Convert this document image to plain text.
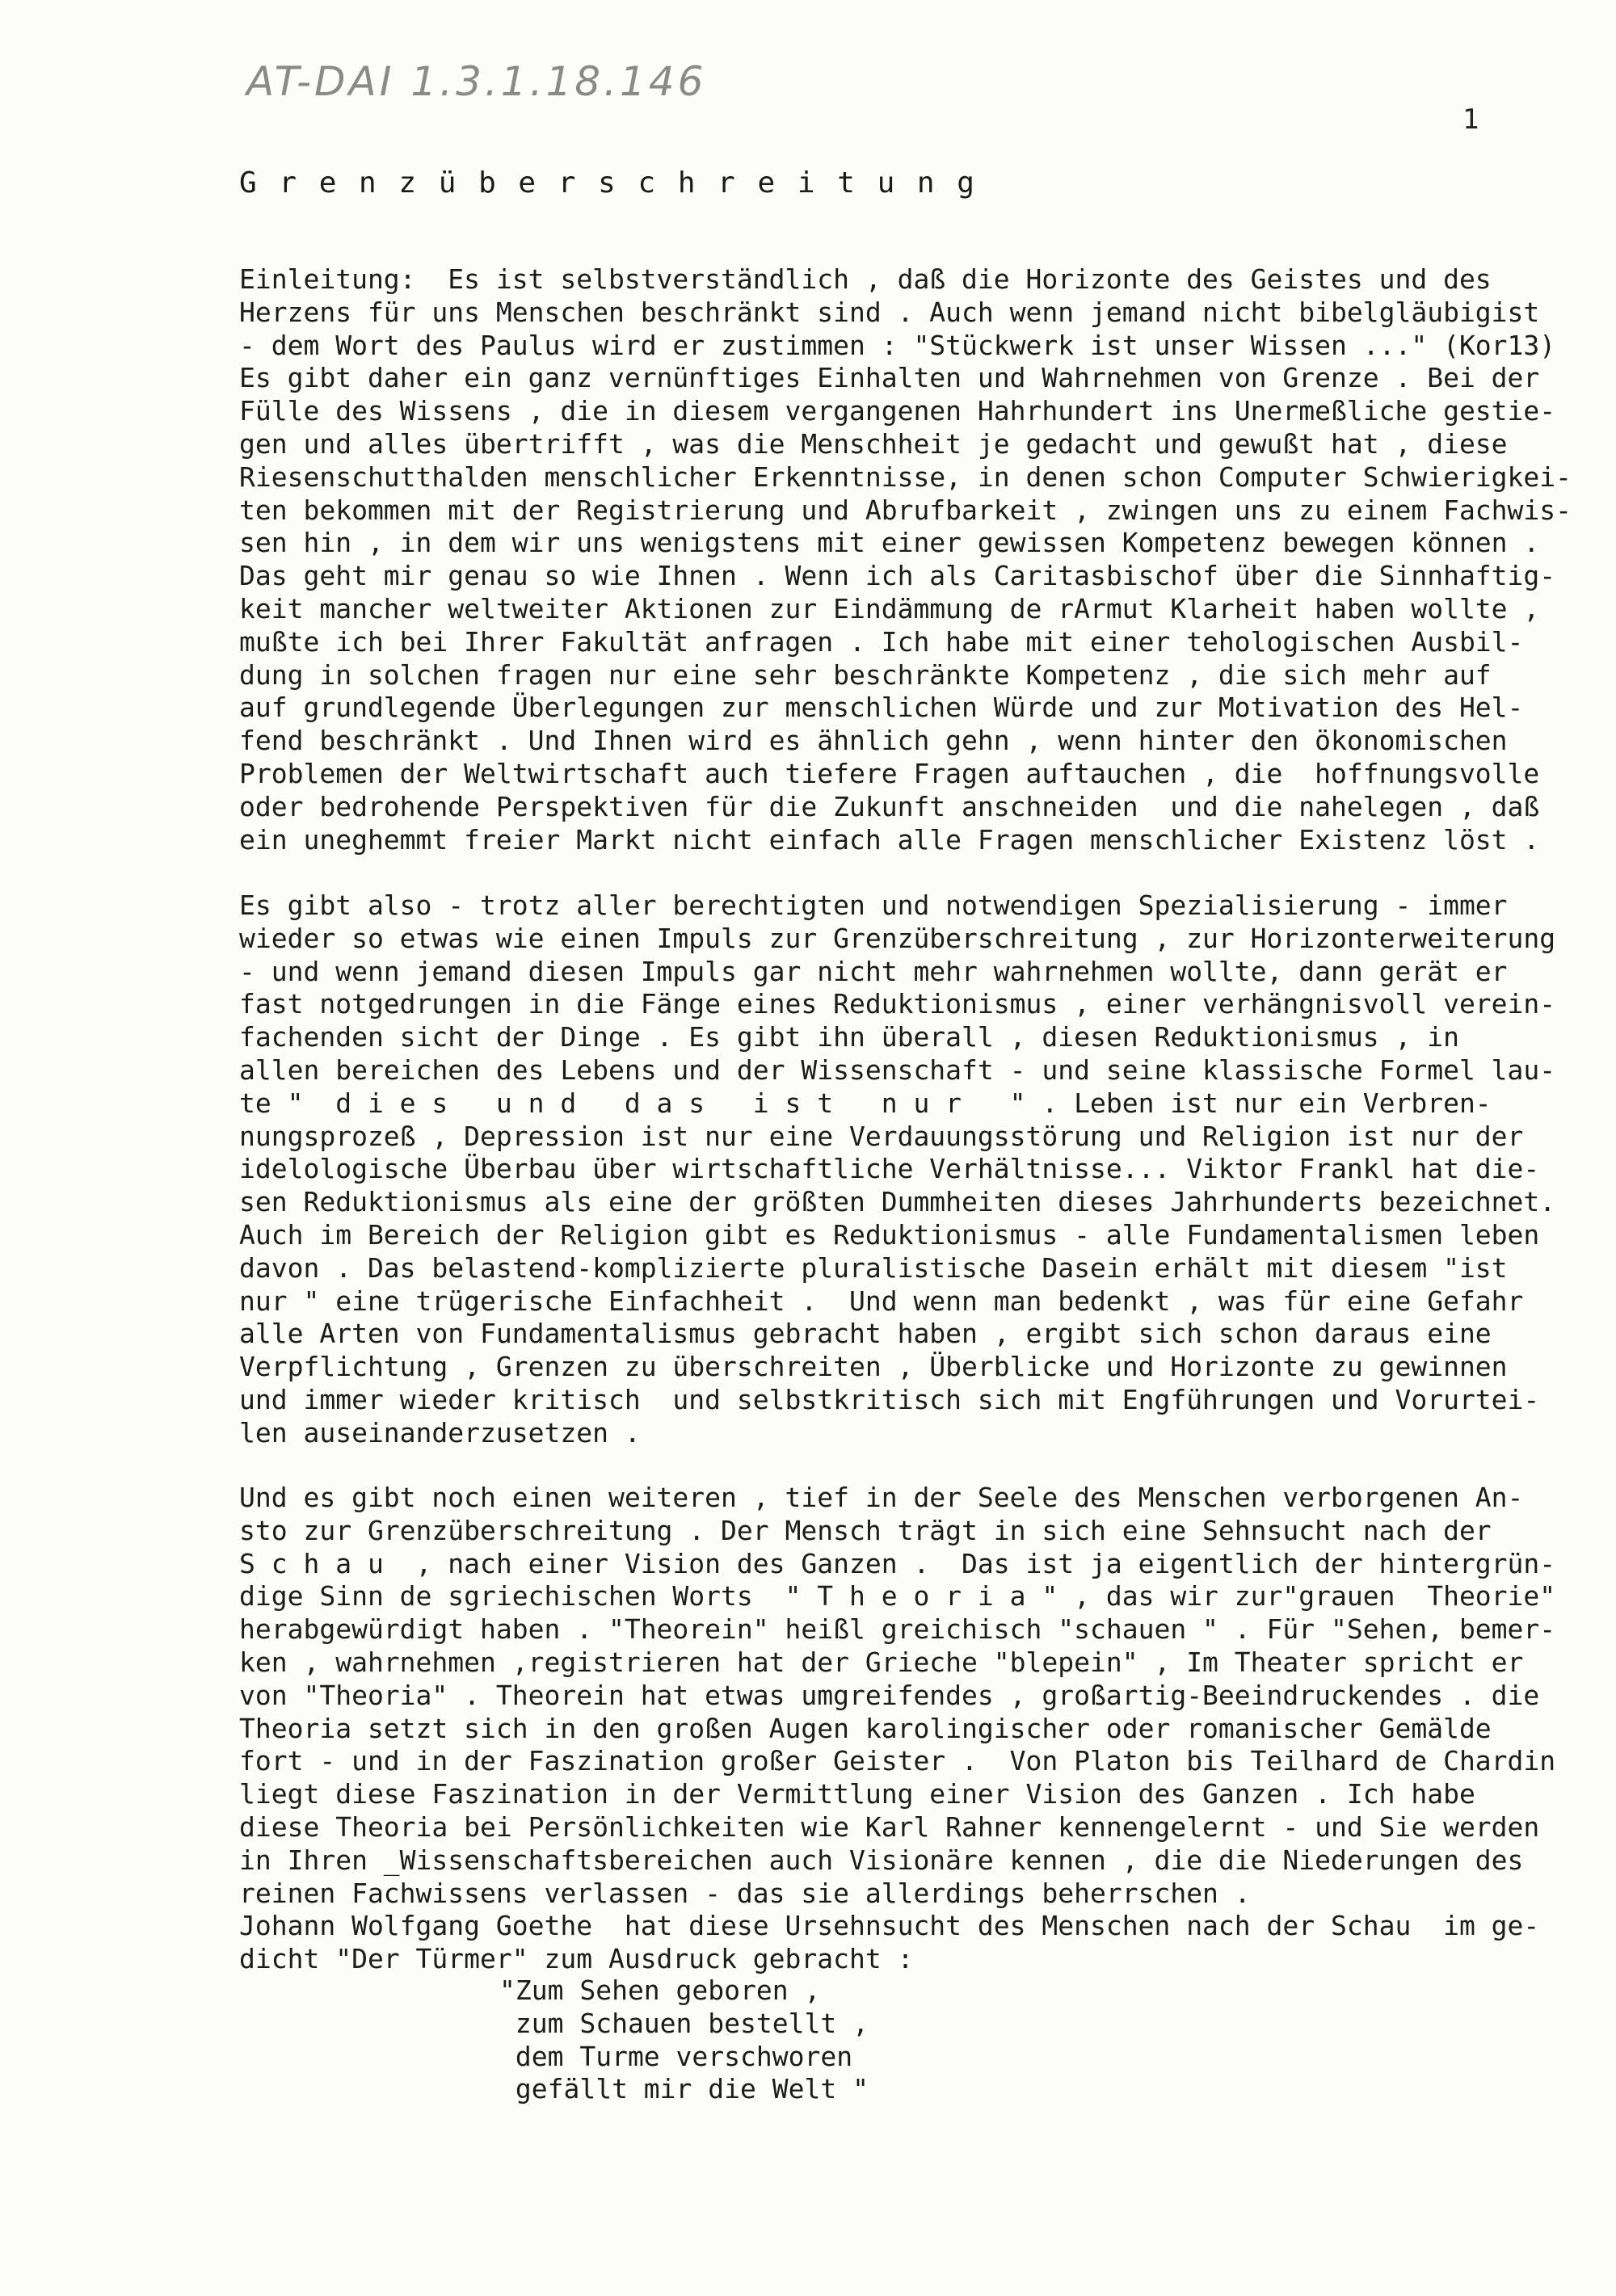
AT-DAI 1.3.1.18.146
1
G r e n z ü b e r s c h r e i t u n g
Einleitung:  Es ist selbstverständlich , daß die Horizonte des Geistes und des
Herzens für uns Menschen beschränkt sind . Auch wenn jemand nicht bibelgläubigist
- dem Wort des Paulus wird er zustimmen : "Stückwerk ist unser Wissen ..." (Kor13)
Es gibt daher ein ganz vernünftiges Einhalten und Wahrnehmen von Grenze . Bei der
Fülle des Wissens , die in diesem vergangenen Hahrhundert ins Unermeßliche gestie-
gen und alles übertrifft , was die Menschheit je gedacht und gewußt hat , diese
Riesenschutthalden menschlicher Erkenntnisse, in denen schon Computer Schwierigkei-
ten bekommen mit der Registrierung und Abrufbarkeit , zwingen uns zu einem Fachwis-
sen hin , in dem wir uns wenigstens mit einer gewissen Kompetenz bewegen können .
Das geht mir genau so wie Ihnen . Wenn ich als Caritasbischof über die Sinnhaftig-
keit mancher weltweiter Aktionen zur Eindämmung de rArmut Klarheit haben wollte ,
mußte ich bei Ihrer Fakultät anfragen . Ich habe mit einer tehologischen Ausbil-
dung in solchen fragen nur eine sehr beschränkte Kompetenz , die sich mehr auf
auf grundlegende Überlegungen zur menschlichen Würde und zur Motivation des Hel-
fend beschränkt . Und Ihnen wird es ähnlich gehn , wenn hinter den ökonomischen
Problemen der Weltwirtschaft auch tiefere Fragen auftauchen , die  hoffnungsvolle
oder bedrohende Perspektiven für die Zukunft anschneiden  und die nahelegen , daß
ein uneghemmt freier Markt nicht einfach alle Fragen menschlicher Existenz löst .
Es gibt also - trotz aller berechtigten und notwendigen Spezialisierung - immer
wieder so etwas wie einen Impuls zur Grenzüberschreitung , zur Horizonterweiterung
- und wenn jemand diesen Impuls gar nicht mehr wahrnehmen wollte, dann gerät er
fast notgedrungen in die Fänge eines Reduktionismus , einer verhängnisvoll verein-
fachenden sicht der Dinge . Es gibt ihn überall , diesen Reduktionismus , in
allen bereichen des Lebens und der Wissenschaft - und seine klassische Formel lau-
te "  d i e s   u n d   d a s   i s t   n u r   " . Leben ist nur ein Verbren-
nungsprozeß , Depression ist nur eine Verdauungsstörung und Religion ist nur der
idelologische Überbau über wirtschaftliche Verhältnisse... Viktor Frankl hat die-
sen Reduktionismus als eine der größten Dummheiten dieses Jahrhunderts bezeichnet.
Auch im Bereich der Religion gibt es Reduktionismus - alle Fundamentalismen leben
davon . Das belastend-komplizierte pluralistische Dasein erhält mit diesem "ist
nur " eine trügerische Einfachheit .  Und wenn man bedenkt , was für eine Gefahr
alle Arten von Fundamentalismus gebracht haben , ergibt sich schon daraus eine
Verpflichtung , Grenzen zu überschreiten , Überblicke und Horizonte zu gewinnen
und immer wieder kritisch  und selbstkritisch sich mit Engführungen und Vorurtei-
len auseinanderzusetzen .
Und es gibt noch einen weiteren , tief in der Seele des Menschen verborgenen An-
sto zur Grenzüberschreitung . Der Mensch trägt in sich eine Sehnsucht nach der
S c h a u  , nach einer Vision des Ganzen .  Das ist ja eigentlich der hintergrün-
dige Sinn de sgriechischen Worts  " T h e o r i a " , das wir zur"grauen  Theorie"
herabgewürdigt haben . "Theorein" heißl greichisch "schauen " . Für "Sehen, bemer-
ken , wahrnehmen ,registrieren hat der Grieche "blepein" , Im Theater spricht er
von "Theoria" . Theorein hat etwas umgreifendes , großartig-Beeindruckendes . die
Theoria setzt sich in den großen Augen karolingischer oder romanischer Gemälde
fort - und in der Faszination großer Geister .  Von Platon bis Teilhard de Chardin
liegt diese Faszination in der Vermittlung einer Vision des Ganzen . Ich habe
diese Theoria bei Persönlichkeiten wie Karl Rahner kennengelernt - und Sie werden
in Ihren _Wissenschaftsbereichen auch Visionäre kennen , die die Niederungen des
reinen Fachwissens verlassen - das sie allerdings beherrschen .
Johann Wolfgang Goethe  hat diese Ursehnsucht des Menschen nach der Schau  im ge-
dicht "Der Türmer" zum Ausdruck gebracht :
"Zum Sehen geboren ,
zum Schauen bestellt ,
dem Turme verschworen
gefällt mir die Welt "
